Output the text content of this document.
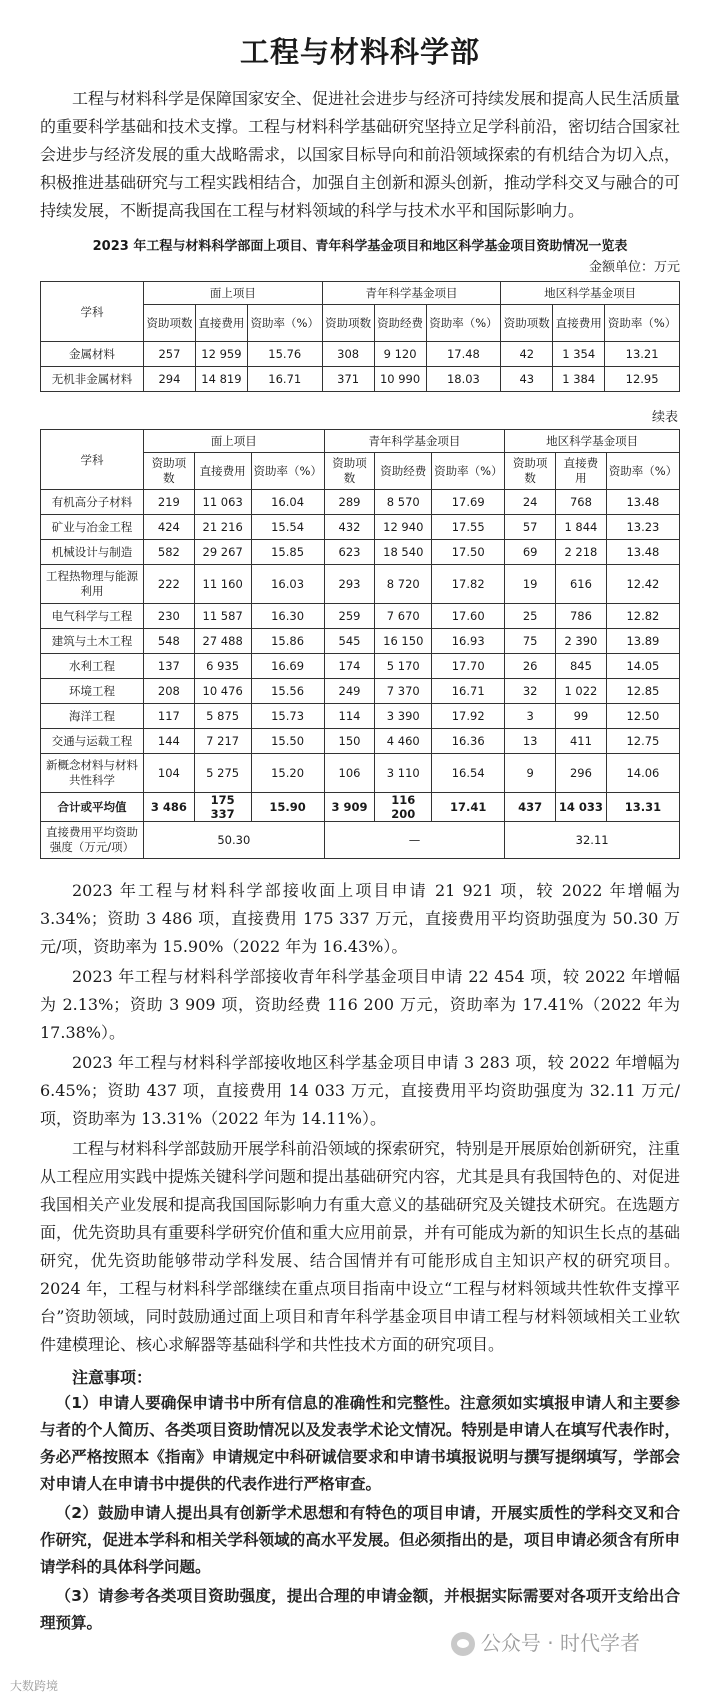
工程与材料科学部

工程与材料科学是保障国家安全、促进社会进步与经济可持续发展和提高人民生活质量的重要科学基础和技术支撑。工程与材料科学基础研究坚持立足学科前沿，密切结合国家社会进步与经济发展的重大战略需求，以国家目标导向和前沿领域探索的有机结合为切入点，积极推进基础研究与工程实践相结合，加强自主创新和源头创新，推动学科交叉与融合的可持续发展，不断提高我国在工程与材料领域的科学与技术水平和国际影响力。

2023 年工程与材料科学部面上项目、青年科学基金项目和地区科学基金项目资助情况一览表
金额单位：万元
学科	面上项目			青年科学基金项目			地区科学基金项目		
	资助项数	直接费用	资助率（%）	资助项数	资助经费	资助率（%）	资助项数	直接费用	资助率（%）
金属材料	257	12 959	15.76	308	9 120	17.48	42	1 354	13.21
无机非金属材料	294	14 819	16.71	371	10 990	18.03	43	1 384	12.95
续表
学科	面上项目			青年科学基金项目			地区科学基金项目		
	资助项数	直接费用	资助率（%）	资助项数	资助经费	资助率（%）	资助项数	直接费用	资助率（%）
有机高分子材料	219	11 063	16.04	289	8 570	17.69	24	768	13.48
矿业与冶金工程	424	21 216	15.54	432	12 940	17.55	57	1 844	13.23
机械设计与制造	582	29 267	15.85	623	18 540	17.50	69	2 218	13.48
工程热物理与能源利用	222	11 160	16.03	293	8 720	17.82	19	616	12.42
电气科学与工程	230	11 587	16.30	259	7 670	17.60	25	786	12.82
建筑与土木工程	548	27 488	15.86	545	16 150	16.93	75	2 390	13.89
水利工程	137	6 935	16.69	174	5 170	17.70	26	845	14.05
环境工程	208	10 476	15.56	249	7 370	16.71	32	1 022	12.85
海洋工程	117	5 875	15.73	114	3 390	17.92	3	99	12.50
交通与运载工程	144	7 217	15.50	150	4 460	16.36	13	411	12.75
新概念材料与材料共性科学	104	5 275	15.20	106	3 110	16.54	9	296	14.06
合计或平均值	3 486	175 337	15.90	3 909	116 200	17.41	437	14 033	13.31
直接费用平均资助强度（万元/项）	50.30			—			32.11		

2023 年工程与材料科学部接收面上项目申请 21 921 项，较 2022 年增幅为 3.34%；资助 3 486 项，直接费用 175 337 万元，直接费用平均资助强度为 50.30 万元/项，资助率为 15.90%（2022 年为 16.43%）。

2023 年工程与材料科学部接收青年科学基金项目申请 22 454 项，较 2022 年增幅为 2.13%；资助 3 909 项，资助经费 116 200 万元，资助率为 17.41%（2022 年为 17.38%）。

2023 年工程与材料科学部接收地区科学基金项目申请 3 283 项，较 2022 年增幅为 6.45%；资助 437 项，直接费用 14 033 万元，直接费用平均资助强度为 32.11 万元/项，资助率为 13.31%（2022 年为 14.11%）。

工程与材料科学部鼓励开展学科前沿领域的探索研究，特别是开展原始创新研究，注重从工程应用实践中提炼关键科学问题和提出基础研究内容，尤其是具有我国特色的、对促进我国相关产业发展和提高我国国际影响力有重大意义的基础研究及关键技术研究。在选题方面，优先资助具有重要科学研究价值和重大应用前景，并有可能成为新的知识生长点的基础研究，优先资助能够带动学科发展、结合国情并有可能形成自主知识产权的研究项目。2024 年，工程与材料科学部继续在重点项目指南中设立“工程与材料领域共性软件支撑平台”资助领域，同时鼓励通过面上项目和青年科学基金项目申请工程与材料领域相关工业软件建模理论、核心求解器等基础科学和共性技术方面的研究项目。

注意事项：

（1）申请人要确保申请书中所有信息的准确性和完整性。注意须如实填报申请人和主要参与者的个人简历、各类项目资助情况以及发表学术论文情况。特别是申请人在填写代表作时，务必严格按照本《指南》申请规定中科研诚信要求和申请书填报说明与撰写提纲填写，学部会对申请人在申请书中提供的代表作进行严格审查。

（2）鼓励申请人提出具有创新学术思想和有特色的项目申请，开展实质性的学科交叉和合作研究，促进本学科和相关学科领域的高水平发展。但必须指出的是，项目申请必须含有所申请学科的具体科学问题。

（3）请参考各类项目资助强度，提出合理的申请金额，并根据实际需要对各项开支给出合理预算。

公众号 · 时代学者
大数跨境
